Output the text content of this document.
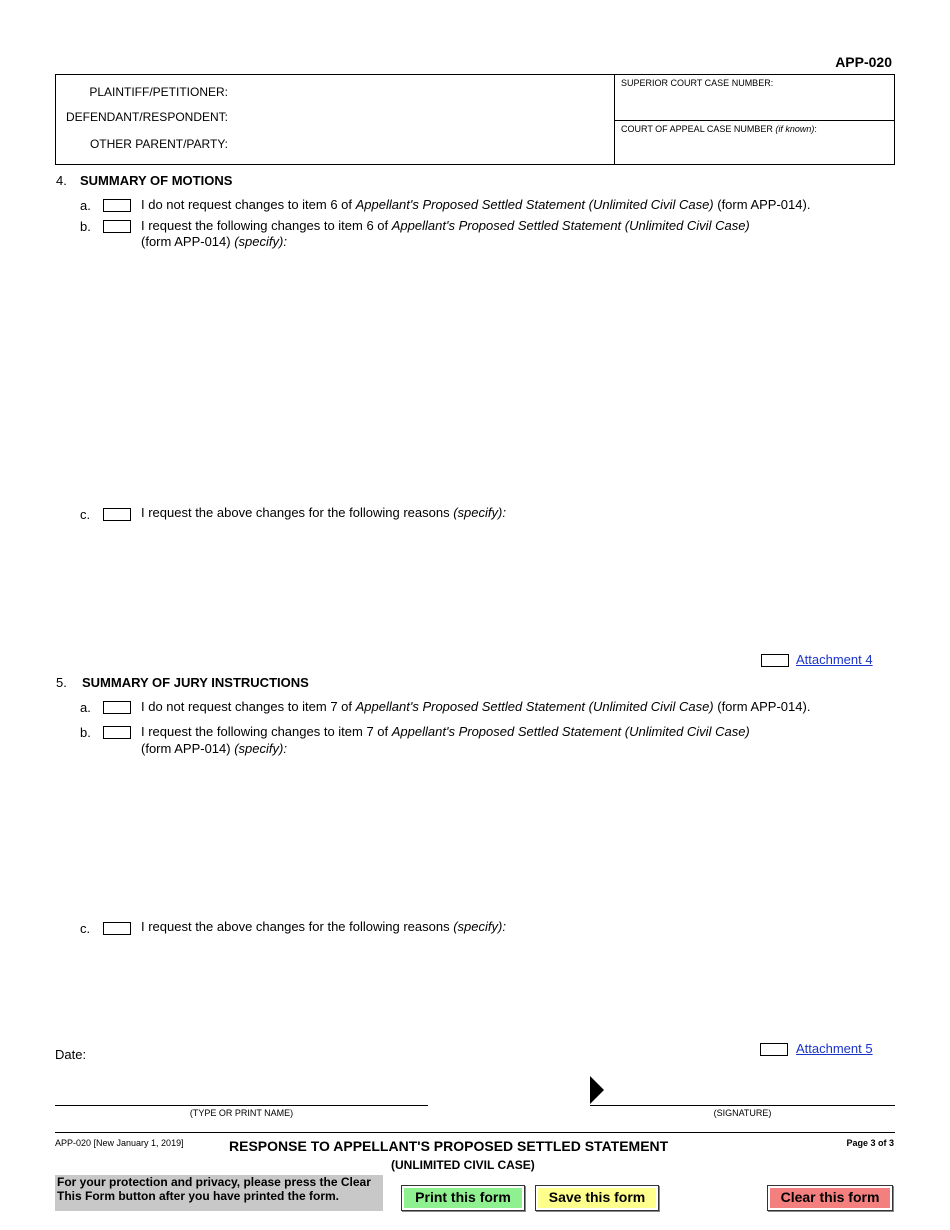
APP-020
PLAINTIFF/PETITIONER:
DEFENDANT/RESPONDENT:
OTHER PARENT/PARTY:
SUPERIOR COURT CASE NUMBER:
COURT OF APPEAL CASE NUMBER (if known):
4. SUMMARY OF MOTIONS
a.	I do not request changes to item 6 of Appellant's Proposed Settled Statement (Unlimited Civil Case) (form APP-014).
b.	I request the following changes to item 6 of Appellant's Proposed Settled Statement (Unlimited Civil Case)
(form APP-014) (specify):
c.	I request the above changes for the following reasons (specify):
Attachment 4
5. SUMMARY OF JURY INSTRUCTIONS
a.	I do not request changes to item 7 of Appellant's Proposed Settled Statement (Unlimited Civil Case) (form APP-014).
b.	I request the following changes to item 7 of Appellant's Proposed Settled Statement (Unlimited Civil Case)
(form APP-014) (specify):
c.	I request the above changes for the following reasons (specify):
Attachment 5
Date:
(TYPE OR PRINT NAME)	(SIGNATURE)
APP-020 [New January 1, 2019]	RESPONSE TO APPELLANT'S PROPOSED SETTLED STATEMENT
(UNLIMITED CIVIL CASE)
Page 3 of 3
For your protection and privacy, please press the Clear This Form button after you have printed the form.	Print this form	Save this form	Clear this form
